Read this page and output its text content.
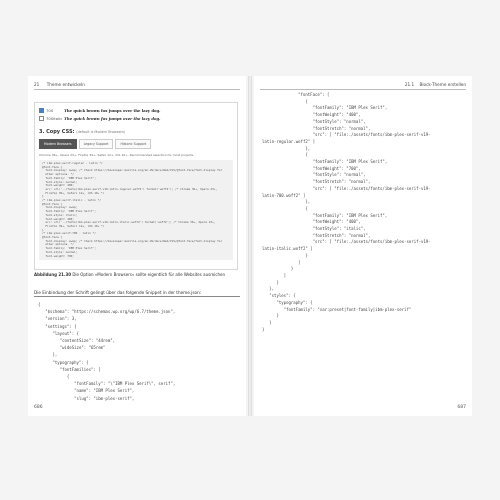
21 Theme entwickeln
700	The quick brown fox jumps over the lazy dog.
700italic The quick brown fox jumps over the lazy dog.
3. Copy CSS: (default is Modern Browsers)
Modern Browsers	Legacy Support	Historic Support
Chrome 36+, Opera 23+, Firefox 39+, Safari 12+, iOS 10+. Recommended selection for most projects.
/* ibm-plex-serif-regular - latin */
@font-face {
font-display: swap; /* Check https://developer.mozilla.org/en-US/docs/Web/CSS/@font-face/font-display for
other options. */
font-family: 'IBM Plex Serif';
font-style: normal;
font-weight: 400;
src: url('../fonts/ibm-plex-serif-v19-latin-regular.woff2') format('woff2'); /* Chrome 36+, Opera 23+,
Firefox 39+, Safari 12+, iOS 10+ */
}
/* ibm-plex-serif-italic - latin */
@font-face {
font-display: swap;
font-family: 'IBM Plex Serif';
font-style: italic;
font-weight: 400;
src: url('../fonts/ibm-plex-serif-v19-latin-italic.woff2') format('woff2'); /* Chrome 36+, Opera 23+,
Firefox 39+, Safari 12+, iOS 10+ */
}
/* ibm-plex-serif-700 - latin */
@font-face {
font-display: swap; /* Check https://developer.mozilla.org/en-US/docs/Web/CSS/@font-face/font-display for
other options. */
font-family: 'IBM Plex Serif';
font-style: normal;
font-weight: 700;
Abbildung 21.30 Die Option »Modern Browsers« sollte eigentlich für alle Websites ausreichen
Die Einbindung der Schrift gelingt über das folgende Snippet in der theme.json:
{
"$schema": "https://schemas.wp.org/wp/6.7/theme.json",
"version": 3,
"settings": {
"layout": {
"contentSize": "44rem",
"wideSize": "65rem"
},
"typography": {
"fontFamilies": [
{
"fontFamily": "\"IBM Plex Serif\", serif",
"name": "IBM Plex Serif",
"slug": "ibm-plex-serif",
686
21.1 Block-Theme erstellen
"fontFace": [
{
"fontFamily": "IBM Plex Serif",
"fontWeight": "400",
"fontStyle": "normal",
"fontStretch": "normal",
"src": [ "file:./assets/fonts/ibm-plex-serif-v19-
latin-regular.woff2" ]
},
{
"fontFamily": "IBM Plex Serif",
"fontWeight": "700",
"fontStyle": "normal",
"fontStretch": "normal",
"src": [ "file:./assets/fonts/ibm-plex-serif-v19-
latin-700.woff2" ]
},
{
"fontFamily": "IBM Plex Serif",
"fontWeight": "400",
"fontStyle": "italic",
"fontStretch": "normal",
"src": [ "file:./assets/fonts/ibm-plex-serif-v19-
latin-italic.woff2" ]
}
]
}
]
}
},
"styles": {
"typography": {
"fontFamily": "var:preset|font-family|ibm-plex-serif"
}
}
}
687
